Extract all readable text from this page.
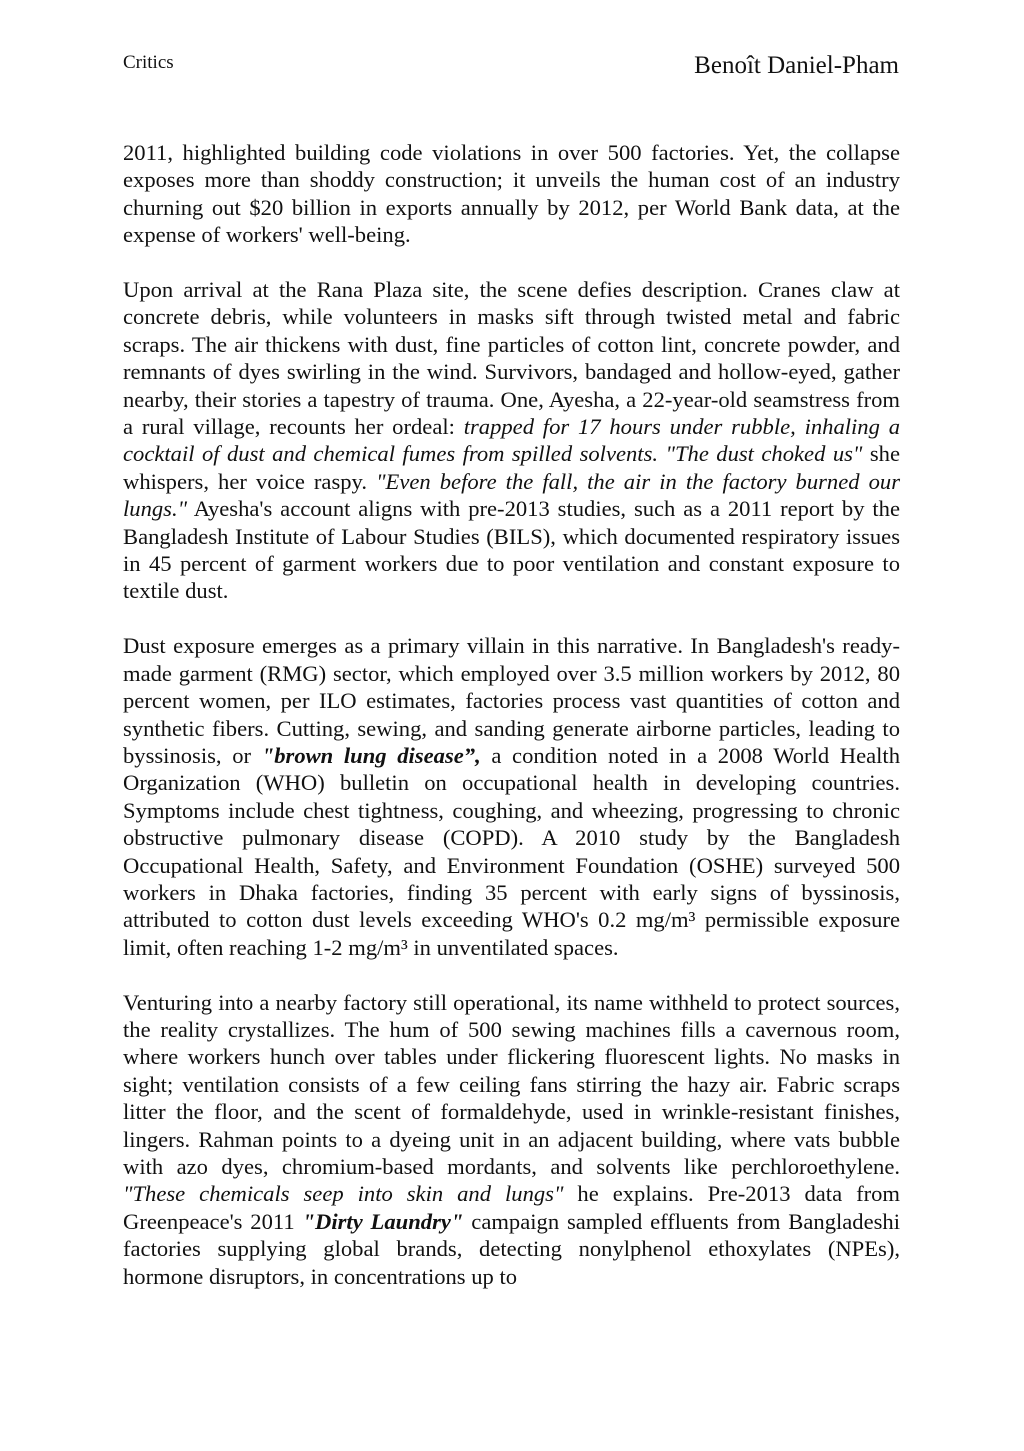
Critics	Benoît Daniel-Pham

2011, highlighted building code violations in over 500 factories. Yet, the collapse exposes more than shoddy construction; it unveils the human cost of an industry churning out $20 billion in exports annually by 2012, per World Bank data, at the expense of workers' well-being.

Upon arrival at the Rana Plaza site, the scene defies description. Cranes claw at concrete debris, while volunteers in masks sift through twisted metal and fabric scraps. The air thickens with dust, fine particles of cotton lint, concrete powder, and remnants of dyes swirling in the wind. Survivors, bandaged and hollow-eyed, gather nearby, their stories a tapestry of trauma. One, Ayesha, a 22-year-old seamstress from a rural village, recounts her ordeal: trapped for 17 hours under rubble, inhaling a cocktail of dust and chemical fumes from spilled solvents. "The dust choked us" she whispers, her voice raspy. "Even before the fall, the air in the factory burned our lungs." Ayesha's account aligns with pre-2013 studies, such as a 2011 report by the Bangladesh Institute of Labour Studies (BILS), which documented respiratory issues in 45 percent of garment workers due to poor ventilation and constant exposure to textile dust.

Dust exposure emerges as a primary villain in this narrative. In Bangladesh's ready-made garment (RMG) sector, which employed over 3.5 million workers by 2012, 80 percent women, per ILO estimates, factories process vast quantities of cotton and synthetic fibers. Cutting, sewing, and sanding generate airborne particles, leading to byssinosis, or "brown lung disease”, a condition noted in a 2008 World Health Organization (WHO) bulletin on occupational health in developing countries. Symptoms include chest tightness, coughing, and wheezing, progressing to chronic obstructive pulmonary disease (COPD). A 2010 study by the Bangladesh Occupational Health, Safety, and Environment Foundation (OSHE) surveyed 500 workers in Dhaka factories, finding 35 percent with early signs of byssinosis, attributed to cotton dust levels exceeding WHO's 0.2 mg/m³ permissible exposure limit, often reaching 1-2 mg/m³ in unventilated spaces.

Venturing into a nearby factory still operational, its name withheld to protect sources, the reality crystallizes. The hum of 500 sewing machines fills a cavernous room, where workers hunch over tables under flickering fluorescent lights. No masks in sight; ventilation consists of a few ceiling fans stirring the hazy air. Fabric scraps litter the floor, and the scent of formaldehyde, used in wrinkle-resistant finishes, lingers. Rahman points to a dyeing unit in an adjacent building, where vats bubble with azo dyes, chromium-based mordants, and solvents like perchloroethylene. "These chemicals seep into skin and lungs" he explains. Pre-2013 data from Greenpeace's 2011 "Dirty Laundry" campaign sampled effluents from Bangladeshi factories supplying global brands, detecting nonylphenol ethoxylates (NPEs), hormone disruptors, in concentrations up to
